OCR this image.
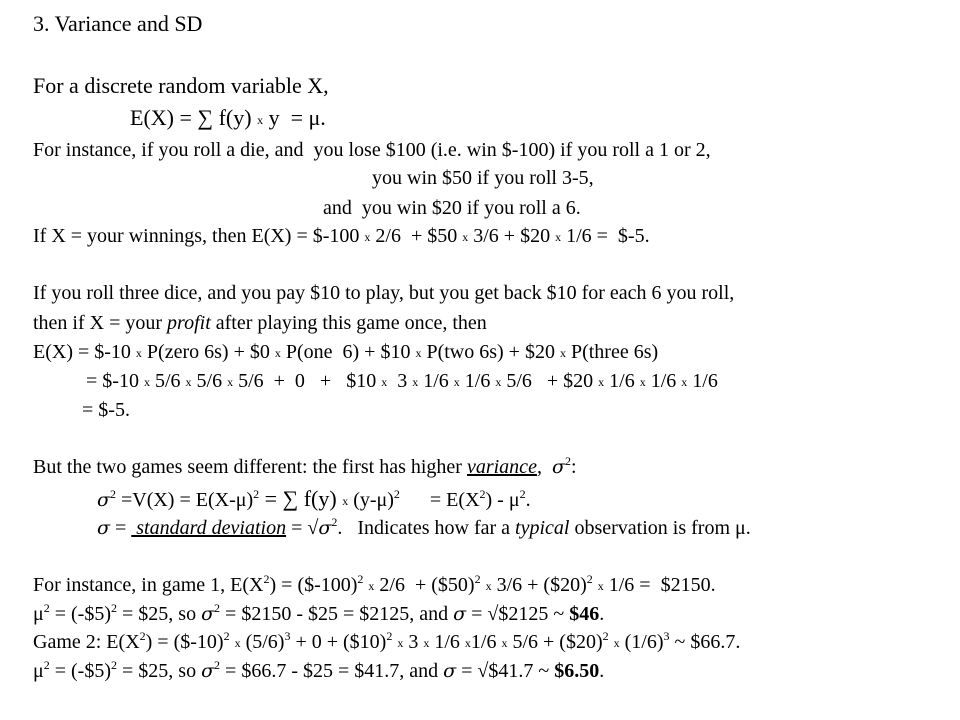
3. Variance and SD
For a discrete random variable X,
E(X) = ∑ f(y) x y  = μ.
For instance, if you roll a die, and  you lose $100 (i.e. win $-100) if you roll a 1 or 2,
you win $50 if you roll 3-5,
and  you win $20 if you roll a 6.
If X = your winnings, then E(X) = $-100 x 2/6  + $50 x 3/6 + $20 x 1/6 =  $-5.
If you roll three dice, and you pay $10 to play, but you get back $10 for each 6 you roll,
then if X = your profit after playing this game once, then
E(X) = $-10 x P(zero 6s) + $0 x P(one  6) + $10 x P(two 6s) + $20 x P(three 6s)
= $-10 x 5/6 x 5/6 x 5/6  +  0   +   $10 x  3 x 1/6 x 1/6 x 5/6   + $20 x 1/6 x 1/6 x 1/6
= $-5.
But the two games seem different: the first has higher variance,  $\sigma^2$:
$\sigma^2 =V(X) = E(X-\mu)^2$ = ∑ f(y) x $(y-\mu)^2$      = $E(X^2) - \mu^2$.
σ =  standard deviation = $√\sigma^2$.   Indicates how far a typical observation is from μ.
For instance, in game 1, $E(X^2)$ = ($-100)$^2$ x 2/6  + ($50)$^2$ x 3/6 + ($20)$^2$ x 1/6 =  $2150.
$\mu^2$ = (-$5)$^2$ = $25, so $\sigma^2$ = $2150 - $25 = $2125, and σ = √$2125 ~ $46.
Game 2: $E(X^2)$ = ($-10)$^2$ x $(5/6)^3 + 0$ + ($10)$^2$ x 3 x 1/6 x1/6 x 5/6 + ($20)$^2$ x $(1/6)^3$ ~ $66.7.
$\mu^2$ = (-$5)$^2$ = $25, so $\sigma^2$ = $66.7 - $25 = $41.7, and σ = √$41.7 ~ $6.50.
